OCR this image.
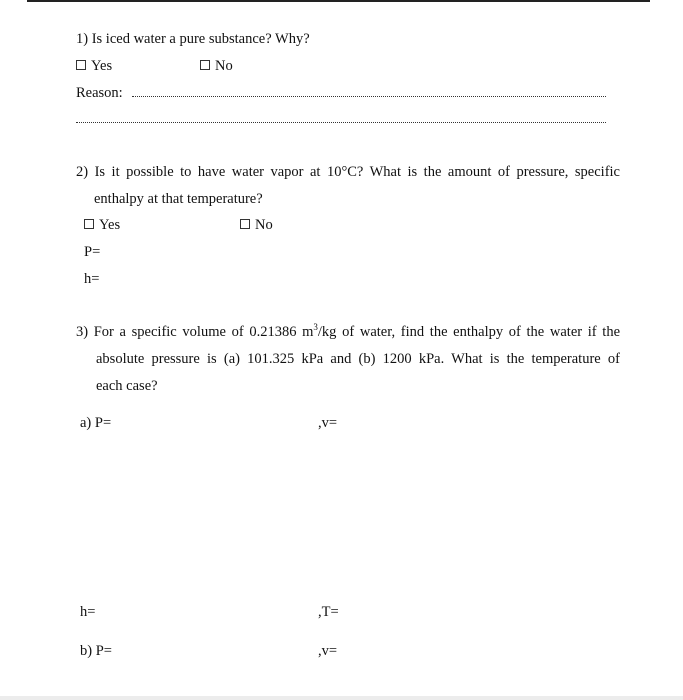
1) Is iced water a pure substance? Why?
Yes	No
Reason:
2) Is it possible to have water vapor at 10°C? What is the amount of pressure, specific
enthalpy at that temperature?
Yes	No
P=
h=
3) For a specific volume of 0.21386 $m^3/kg$ of water, find the enthalpy of the water if the
absolute pressure is (a) 101.325 kPa and (b) 1200 kPa. What is the temperature of
each case?
a) P=	,v=
h=	,T=
b) P=	,v=
